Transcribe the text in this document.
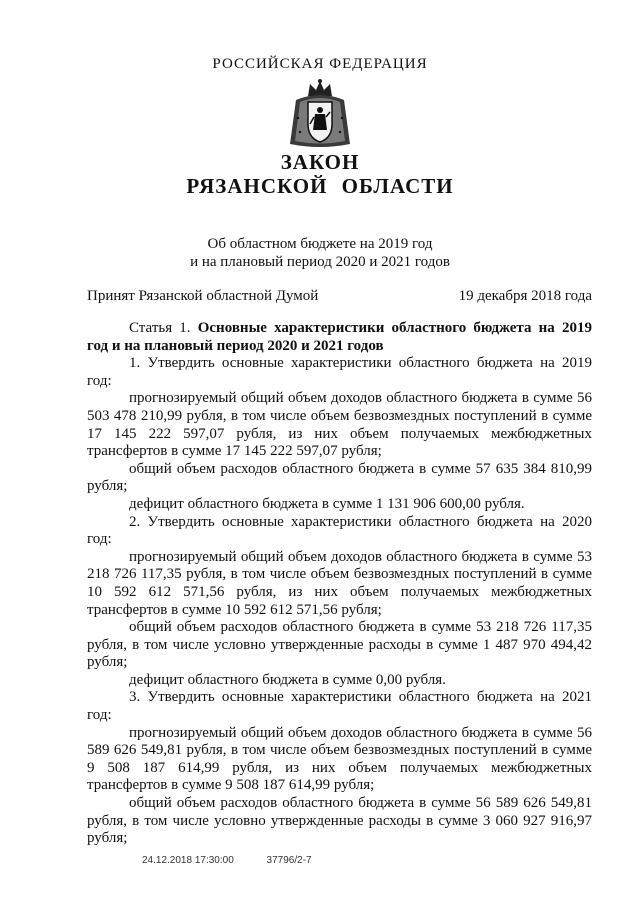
РОССИЙСКАЯ ФЕДЕРАЦИЯ
ЗАКОН
РЯЗАНСКОЙ ОБЛАСТИ
Об областном бюджете на 2019 год
и на плановый период 2020 и 2021 годов
Принят Рязанской областной Думой	19 декабря 2018 года

Статья 1. Основные характеристики областного бюджета на 2019 год и на плановый период 2020 и 2021 годов

1. Утвердить основные характеристики областного бюджета на 2019 год:

прогнозируемый общий объем доходов областного бюджета в сумме 56 503 478 210,99 рубля, в том числе объем безвозмездных поступлений в сумме 17 145 222 597,07 рубля, из них объем получаемых межбюджетных трансфертов в сумме 17 145 222 597,07 рубля;

общий объем расходов областного бюджета в сумме 57 635 384 810,99 рубля;

дефицит областного бюджета в сумме 1 131 906 600,00 рубля.

2. Утвердить основные характеристики областного бюджета на 2020 год:

прогнозируемый общий объем доходов областного бюджета в сумме 53 218 726 117,35 рубля, в том числе объем безвозмездных поступлений в сумме 10 592 612 571,56 рубля, из них объем получаемых межбюджетных трансфертов в сумме 10 592 612 571,56 рубля;

общий объем расходов областного бюджета в сумме 53 218 726 117,35 рубля, в том числе условно утвержденные расходы в сумме 1 487 970 494,42 рубля;

дефицит областного бюджета в сумме 0,00 рубля.

3. Утвердить основные характеристики областного бюджета на 2021 год:

прогнозируемый общий объем доходов областного бюджета в сумме 56 589 626 549,81 рубля, в том числе объем безвозмездных поступлений в сумме 9 508 187 614,99 рубля, из них объем получаемых межбюджетных трансфертов в сумме 9 508 187 614,99 рубля;

общий объем расходов областного бюджета в сумме 56 589 626 549,81 рубля, в том числе условно утвержденные расходы в сумме 3 060 927 916,97 рубля;

24.12.2018 17:30:00	37796/2-7
